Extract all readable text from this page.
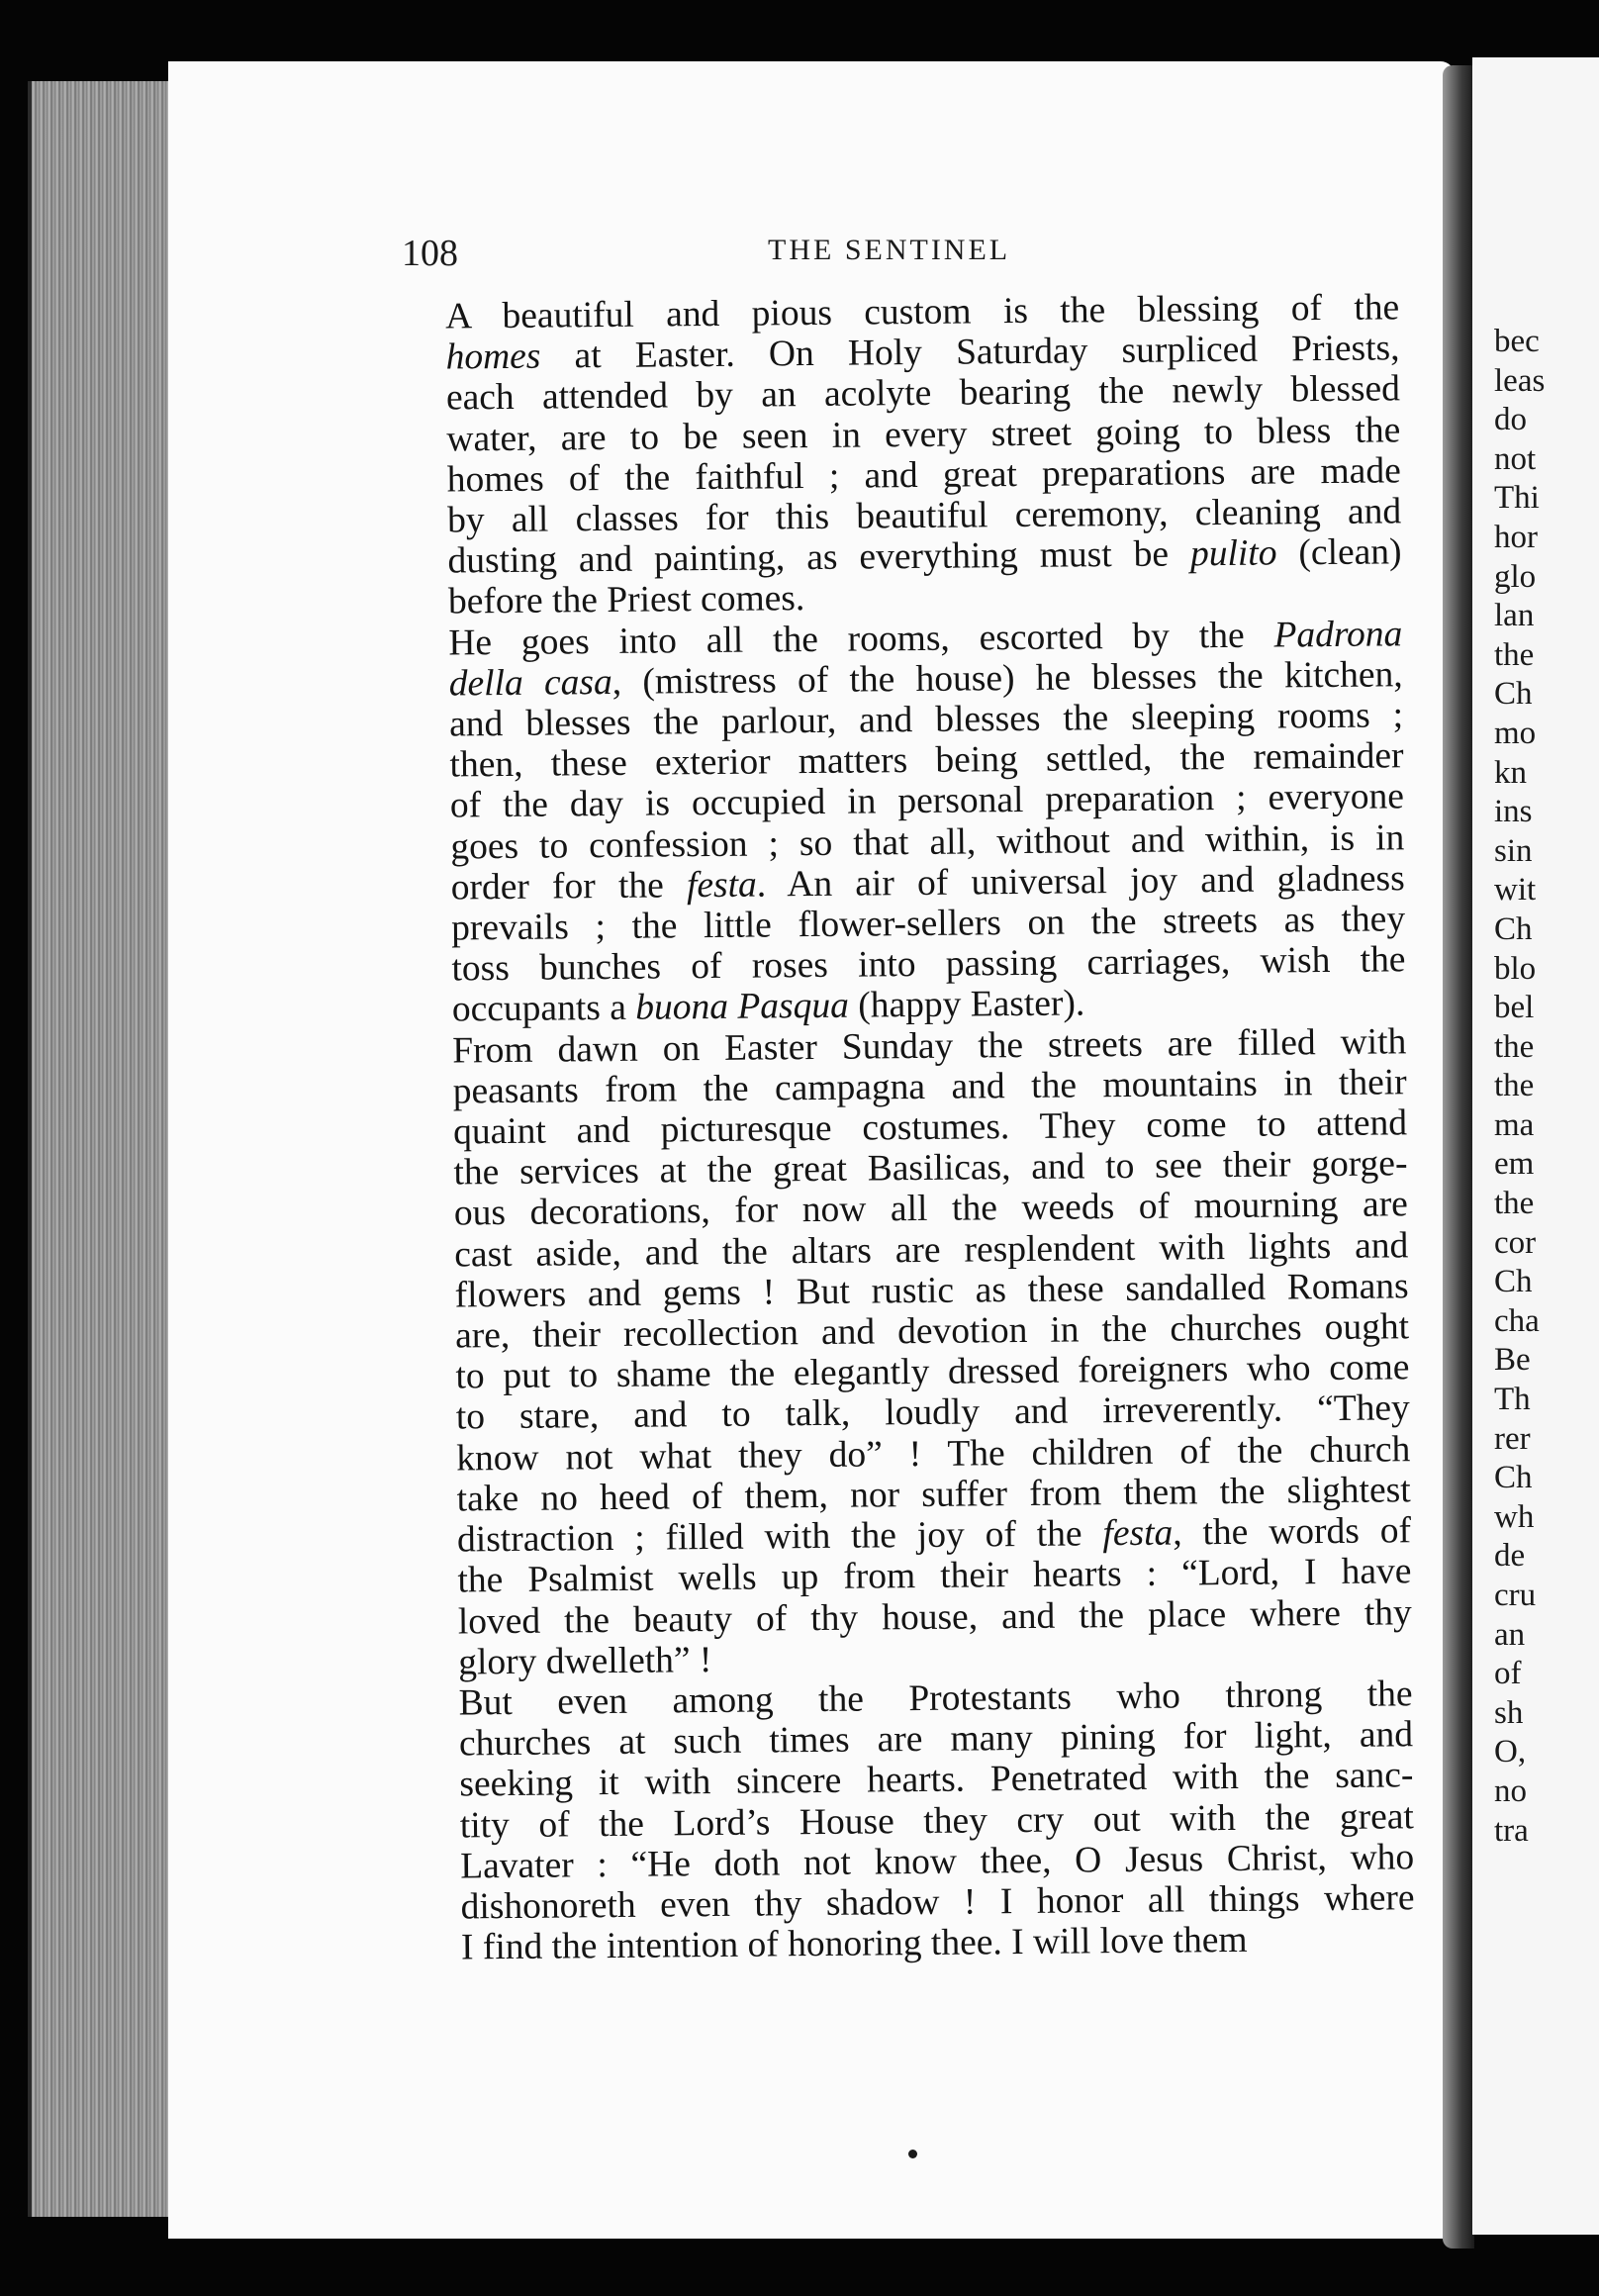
bec
leas
do
not
Thi
hor
glo
lan
the
Ch
mo
kn
ins
sin
wit
Ch
blo
bel
the
the
ma
em
the
cor
Ch
cha
Be
Th
rer
Ch
wh
de
cru
an
of
sh
O,
no
tra
108	THE SENTINEL

A beautiful and pious custom is the blessing of the
homes at Easter. On Holy Saturday surpliced Priests,
each attended by an acolyte bearing the newly blessed
water, are to be seen in every street going to bless the
homes of the faithful ; and great preparations are made
by all classes for this beautiful ceremony, cleaning and
dusting and painting, as everything must be pulito (clean)
before the Priest comes.

He goes into all the rooms, escorted by the Padrona
della casa, (mistress of the house) he blesses the kitchen,
and blesses the parlour, and blesses the sleeping rooms ;
then, these exterior matters being settled, the remainder
of the day is occupied in personal preparation ; everyone
goes to confession ; so that all, without and within, is in
order for the festa. An air of universal joy and gladness
prevails ; the little flower-sellers on the streets as they
toss bunches of roses into passing carriages, wish the
occupants a buona Pasqua (happy Easter).

From dawn on Easter Sunday the streets are filled with
peasants from the campagna and the mountains in their
quaint and picturesque costumes. They come to attend
the services at the great Basilicas, and to see their gorge-
ous decorations, for now all the weeds of mourning are
cast aside, and the altars are resplendent with lights and
flowers and gems ! But rustic as these sandalled Romans
are, their recollection and devotion in the churches ought
to put to shame the elegantly dressed foreigners who come
to stare, and to talk, loudly and irreverently. “They
know not what they do” ! The children of the church
take no heed of them, nor suffer from them the slightest
distraction ; filled with the joy of the festa, the words of
the Psalmist wells up from their hearts : “Lord, I have
loved the beauty of thy house, and the place where thy
glory dwelleth” !

But even among the Protestants who throng the
churches at such times are many pining for light, and
seeking it with sincere hearts. Penetrated with the sanc-
tity of the Lord’s House they cry out with the great
Lavater : “He doth not know thee, O Jesus Christ, who
dishonoreth even thy shadow ! I honor all things where
I find the intention of honoring thee. I will love them
